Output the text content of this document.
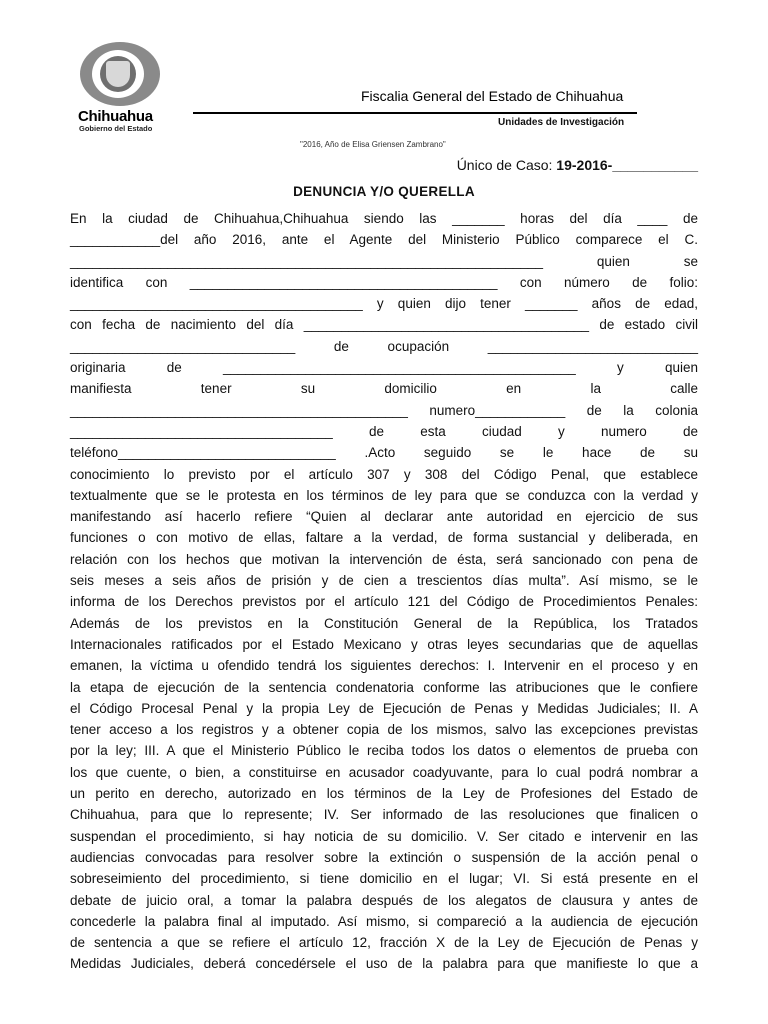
Chihuahua
Gobierno del Estado
Fiscalia General del Estado de Chihuahua
Unidades de Investigación
"2016, Año de Elisa Griensen Zambrano"
Único de Caso: 19-2016-___________
DENUNCIA Y/O QUERELLA
En la ciudad de Chihuahua,Chihuahua siendo las _______ horas del día ____ de
____________del año 2016, ante el Agente del Ministerio Público comparece el C.
_______________________________________________________________ quien se
identifica con _________________________________________ con número de folio:
_______________________________________ y quien dijo tener _______ años de edad,
con fecha de nacimiento del día ______________________________________ de estado civil
______________________________ de ocupación ____________________________
originaria de _______________________________________________ y quien
manifiesta tener su domicilio en la calle
_____________________________________________ numero____________ de la colonia
___________________________________ de esta ciudad y numero de
teléfono_____________________________ .Acto seguido se le hace de su
conocimiento lo previsto por el artículo 307 y 308 del Código Penal, que establece
textualmente que se le protesta en los términos de ley para que se conduzca con la verdad y
manifestando así hacerlo refiere “Quien al declarar ante autoridad en ejercicio de sus
funciones o con motivo de ellas, faltare a la verdad, de forma sustancial y deliberada, en
relación con los hechos que motivan la intervención de ésta, será sancionado con pena de
seis meses a seis años de prisión y de cien a trescientos días multa”. Así mismo, se le
informa de los Derechos previstos por el artículo 121 del Código de Procedimientos Penales:
Además de los previstos en la Constitución General de la República, los Tratados
Internacionales ratificados por el Estado Mexicano y otras leyes secundarias que de aquellas
emanen, la víctima u ofendido tendrá los siguientes derechos: I. Intervenir en el proceso y en
la etapa de ejecución de la sentencia condenatoria conforme las atribuciones que le confiere
el Código Procesal Penal y la propia Ley de Ejecución de Penas y Medidas Judiciales; II. A
tener acceso a los registros y a obtener copia de los mismos, salvo las excepciones previstas
por la ley; III. A que el Ministerio Público le reciba todos los datos o elementos de prueba con
los que cuente, o bien, a constituirse en acusador coadyuvante, para lo cual podrá nombrar a
un perito en derecho, autorizado en los términos de la Ley de Profesiones del Estado de
Chihuahua, para que lo represente; IV. Ser informado de las resoluciones que finalicen o
suspendan el procedimiento, si hay noticia de su domicilio. V. Ser citado e intervenir en las
audiencias convocadas para resolver sobre la extinción o suspensión de la acción penal o
sobreseimiento del procedimiento, si tiene domicilio en el lugar; VI. Si está presente en el
debate de juicio oral, a tomar la palabra después de los alegatos de clausura y antes de
concederle la palabra final al imputado. Así mismo, si compareció a la audiencia de ejecución
de sentencia a que se refiere el artículo 12, fracción X de la Ley de Ejecución de Penas y
Medidas Judiciales, deberá concedérsele el uso de la palabra para que manifieste lo que a
